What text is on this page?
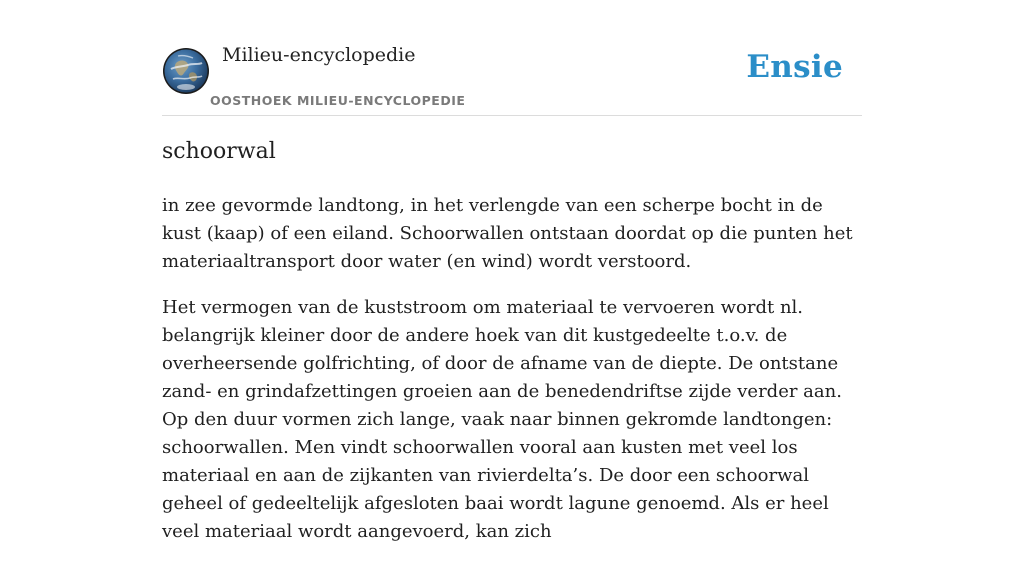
Milieu-encyclopedie
OOSTHOEK MILIEU-ENCYCLOPEDIE
Ensie
schoorwal

in zee gevormde landtong, in het verlengde van een scherpe bocht in de kust (kaap) of een eiland. Schoorwallen ontstaan doordat op die punten het materiaaltransport door water (en wind) wordt verstoord.

Het vermogen van de kuststroom om materiaal te vervoeren wordt nl. belangrijk kleiner door de andere hoek van dit kustgedeelte t.o.v. de overheersende golfrichting, of door de afname van de diepte. De ontstane zand- en grindafzettingen groeien aan de benedendriftse zijde verder aan. Op den duur vormen zich lange, vaak naar binnen gekromde landtongen: schoorwallen. Men vindt schoorwallen vooral aan kusten met veel los materiaal en aan de zijkanten van rivierdelta’s. De door een schoorwal geheel of gedeeltelijk afgesloten baai wordt lagune genoemd. Als er heel veel materiaal wordt aangevoerd, kan zich
